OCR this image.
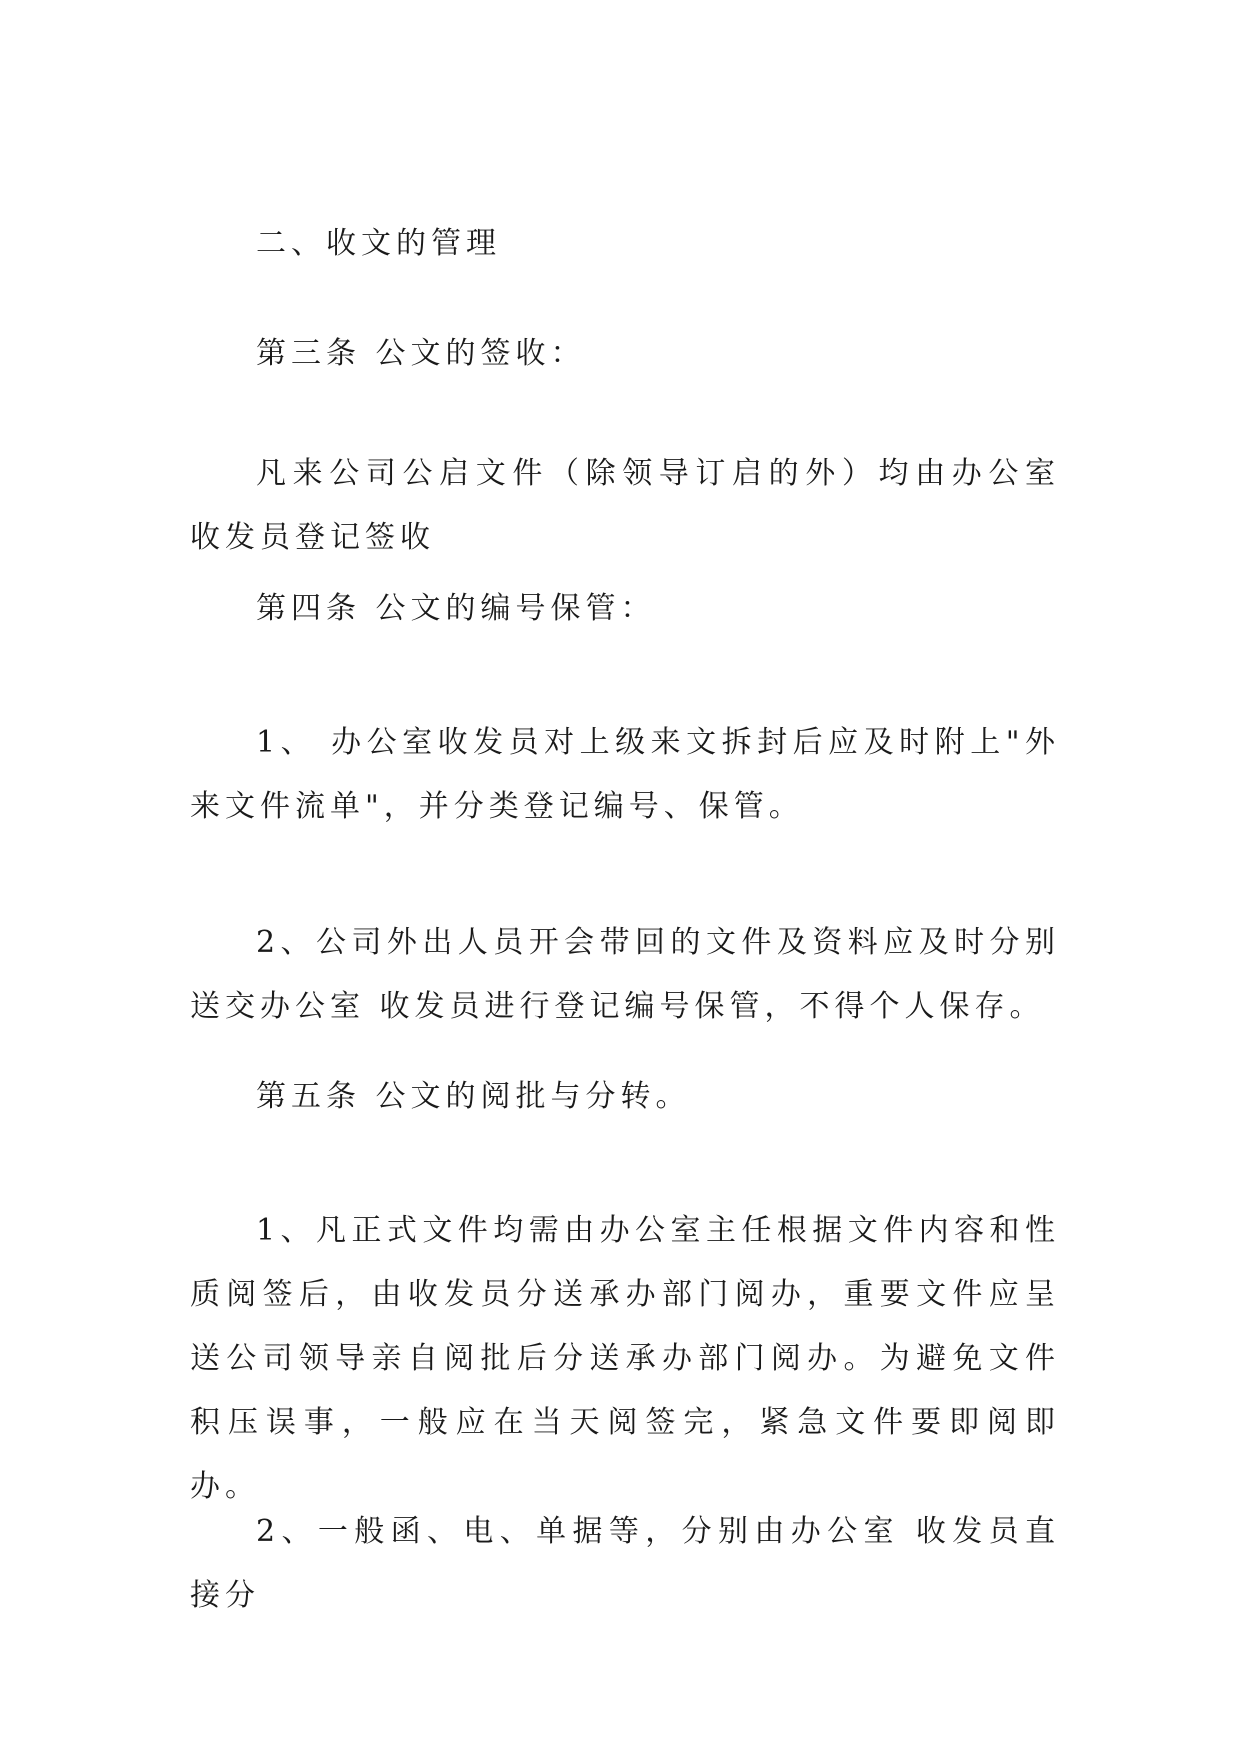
二、收文的管理

第三条 公文的签收：

凡来公司公启文件（除领导订启的外）均由办公室收发员登记签收

第四条 公文的编号保管：

1、 办公室收发员对上级来文拆封后应及时附上"外来文件流单"，并分类登记编号、保管。

2、公司外出人员开会带回的文件及资料应及时分别送交办公室 收发员进行登记编号保管，不得个人保存。

第五条 公文的阅批与分转。

1、凡正式文件均需由办公室主任根据文件内容和性质阅签后，由收发员分送承办部门阅办，重要文件应呈送公司领导亲自阅批后分送承办部门阅办。为避免文件积压误事，一般应在当天阅签完，紧急文件要即阅即办。

2、一般函、电、单据等，分别由办公室 收发员直接分
